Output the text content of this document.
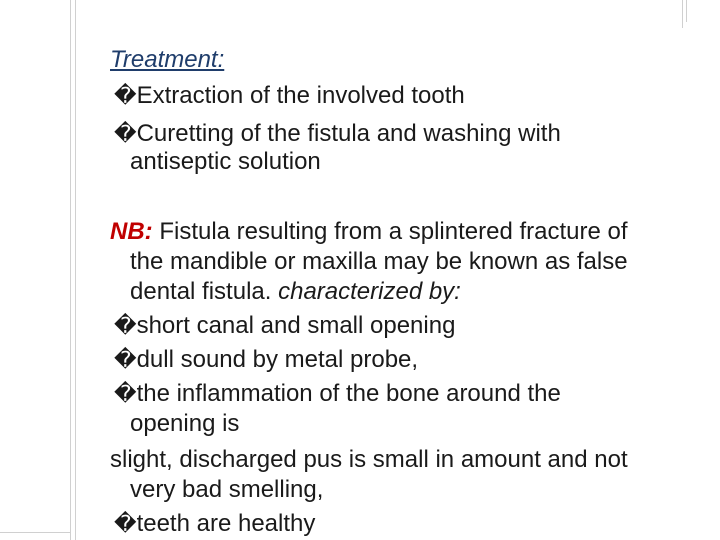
Treatment:
�Extraction of the involved tooth
�Curetting of the fistula and washing with
antiseptic solution
NB: Fistula resulting from a splintered fracture of
the mandible or maxilla may be known as false
dental fistula. characterized by:
�short canal and small opening
�dull sound by metal probe,
�the inflammation of the bone around the
opening is
slight, discharged pus is small in amount and not
very bad smelling,
�teeth are healthy
